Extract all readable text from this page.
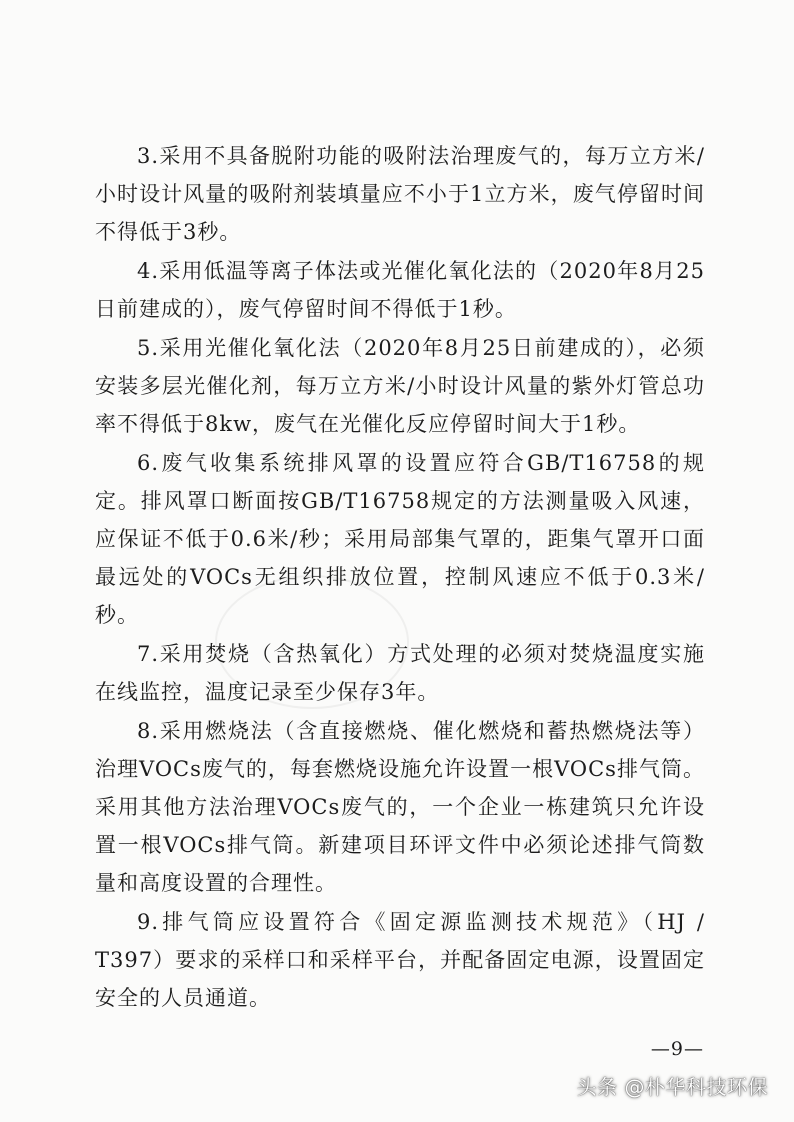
3.采用不具备脱附功能的吸附法治理废气的，每万立方米/小时设计风量的吸附剂装填量应不小于1立方米，废气停留时间不得低于3秒。

4.采用低温等离子体法或光催化氧化法的（2020年8月25日前建成的），废气停留时间不得低于1秒。

5.采用光催化氧化法（2020年8月25日前建成的），必须安装多层光催化剂，每万立方米/小时设计风量的紫外灯管总功率不得低于8kw，废气在光催化反应停留时间大于1秒。

6.废气收集系统排风罩的设置应符合GB/T16758的规定。排风罩口断面按GB/T16758规定的方法测量吸入风速，应保证不低于0.6米/秒；采用局部集气罩的，距集气罩开口面最远处的VOCs无组织排放位置，控制风速应不低于0.3米/秒。

7.采用焚烧（含热氧化）方式处理的必须对焚烧温度实施在线监控，温度记录至少保存3年。

8.采用燃烧法（含直接燃烧、催化燃烧和蓄热燃烧法等）治理VOCs废气的，每套燃烧设施允许设置一根VOCs排气筒。采用其他方法治理VOCs废气的，一个企业一栋建筑只允许设置一根VOCs排气筒。新建项目环评文件中必须论述排气筒数量和高度设置的合理性。

9.排气筒应设置符合《固定源监测技术规范》（HJ / T397）要求的采样口和采样平台，并配备固定电源，设置固定安全的人员通道。

—9—
头条 @朴华科技环保
